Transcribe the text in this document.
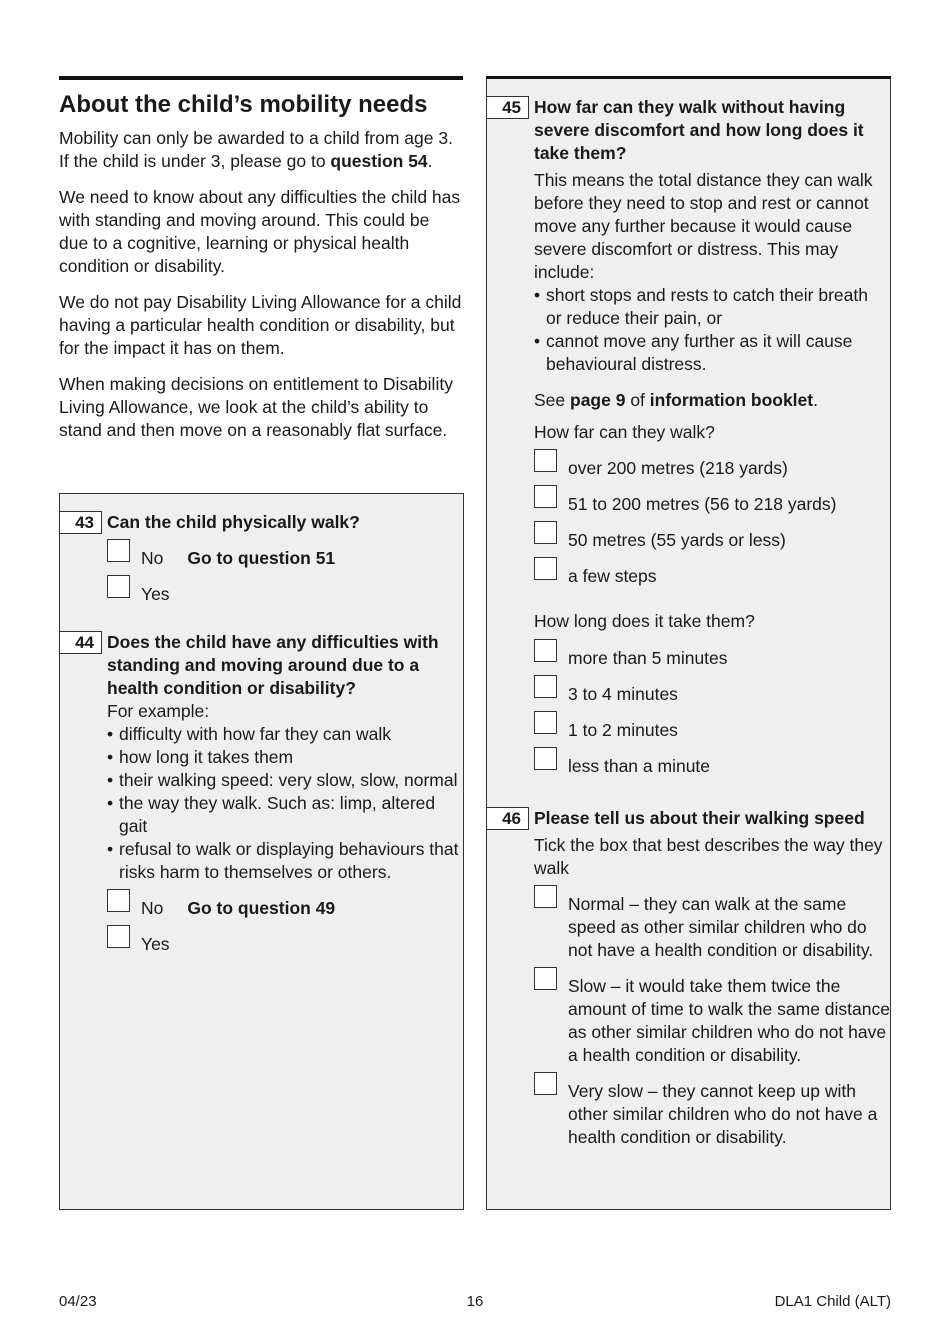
About the child’s mobility needs

Mobility can only be awarded to a child from age 3. If the child is under 3, please go to question 54.

We need to know about any difficulties the child has with standing and moving around. This could be due to a cognitive, learning or physical health condition or disability.

We do not pay Disability Living Allowance for a child having a particular health condition or disability, but for the impact it has on them.

When making decisions on entitlement to Disability Living Allowance, we look at the child’s ability to stand and then move on a reasonably flat surface.

43 Can the child physically walk?
No Go to question 51
Yes
44 Does the child have any difficulties with standing and moving around due to a health condition or disability?
For example:
• difficulty with how far they can walk
• how long it takes them
• their walking speed: very slow, slow, normal
• the way they walk. Such as: limp, altered gait
• refusal to walk or displaying behaviours that risks harm to themselves or others.
No Go to question 49
Yes
45 How far can they walk without having severe discomfort and how long does it take them?
This means the total distance they can walk before they need to stop and rest or cannot move any further because it would cause severe discomfort or distress. This may include:
• short stops and rests to catch their breath or reduce their pain, or
• cannot move any further as it will cause behavioural distress.
See page 9 of information booklet.
How far can they walk?
over 200 metres (218 yards)
51 to 200 metres (56 to 218 yards)
50 metres (55 yards or less)
a few steps
How long does it take them?
more than 5 minutes
3 to 4 minutes
1 to 2 minutes
less than a minute
46 Please tell us about their walking speed
Tick the box that best describes the way they walk
Normal – they can walk at the same speed as other similar children who do not have a health condition or disability.
Slow – it would take them twice the amount of time to walk the same distance as other similar children who do not have a health condition or disability.
Very slow – they cannot keep up with other similar children who do not have a health condition or disability.
04/23	16	DLA1 Child (ALT)
